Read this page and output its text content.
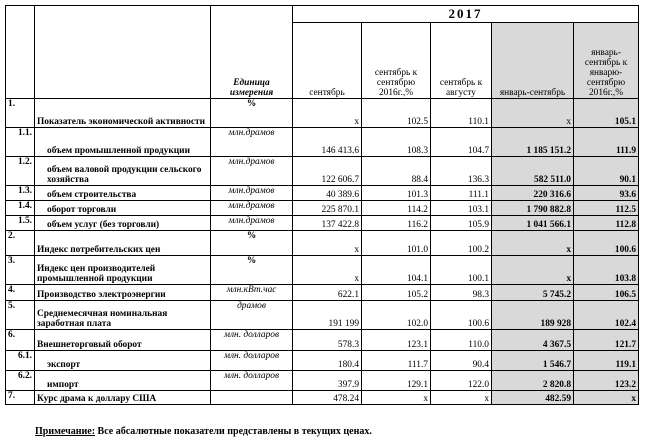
		Единица измерения	2017				
			сентябрь	сентябрь к сентябрю 2016г.,%	сентябрь к августу	январь-сентябрь	январь-сентябрь к январю-сентябрю 2016г.,%
1.	Показатель экономической активности	%	x	102.5	110.1	x	105.1
1.1.	объем промышленной продукции	млн.драмов	146 413.6	108.3	104.7	1 185 151.2	111.9
1.2.	объем валовой продукции сельского хозяйства	млн.драмов	122 606.7	88.4	136.3	582 511.0	90.1
1.3.	объем строительства	млн.драмов	40 389.6	101.3	111.1	220 316.6	93.6
1.4.	оборот торговли	млн.драмов	225 870.1	114.2	103.1	1 790 882.8	112.5
1.5.	объем услуг (без торговли)	млн.драмов	137 422.8	116.2	105.9	1 041 566.1	112.8
2.	Индекс потребительских цен	%	x	101.0	100.2	x	100.6
3.	Индекс цен производителей промышленной продукции	%	x	104.1	100.1	x	103.8
4.	Производство электроэнергии	млн.кВт.час	622.1	105.2	98.3	5 745.2	106.5
5.	Среднемесячная номинальная заработная плата	драмов	191 199	102.0	100.6	189 928	102.4
6.	Внешнеторговый оборот	млн. долларов	578.3	123.1	110.0	4 367.5	121.7
6.1.	экспорт	млн. долларов	180.4	111.7	90.4	1 546.7	119.1
6.2.	импорт	млн. долларов	397.9	129.1	122.0	2 820.8	123.2
7.	Курс драма к доллару США		478.24	x	x	482.59	x
Примечание: Все абсалютные показатели представлены в текущих ценах.
